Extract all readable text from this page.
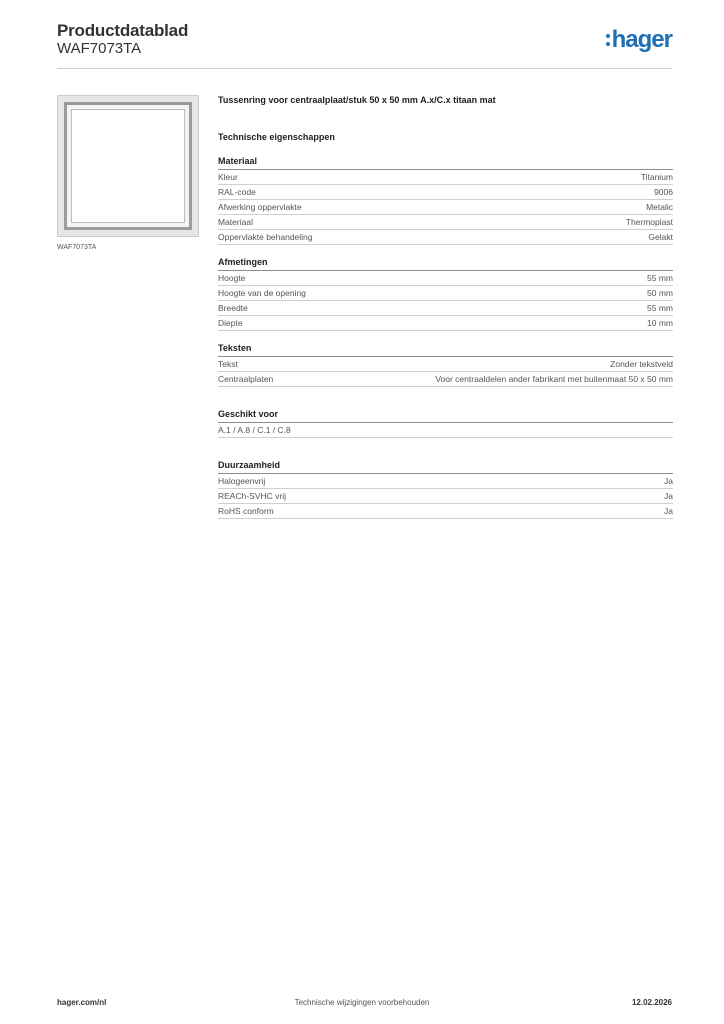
Productdatablad
WAF7073TA	hager
WAF7073TA
Tussenring voor centraalplaat/stuk 50 x 50 mm A.x/C.x titaan mat
Technische eigenschappen
Materiaal
Kleur	Titanium
RAL-code	9006
Afwerking oppervlakte	Metalic
Materiaal	Thermoplast
Oppervlakte behandeling	Gelakt
Afmetingen
Hoogte	55 mm
Hoogte van de opening	50 mm
Breedte	55 mm
Diepte	10 mm
Teksten
Tekst	Zonder tekstveld
Centraalplaten	Voor centraaldelen ander fabrikant met buitenmaat 50 x 50 mm
Geschikt voor
A.1 / A.8 / C.1 / C.8
Duurzaamheid
Halogeenvrij	Ja
REACh-SVHC vrij	Ja
RoHS conform	Ja
hager.com/nl	Technische wijzigingen voorbehouden	12.02.2026
